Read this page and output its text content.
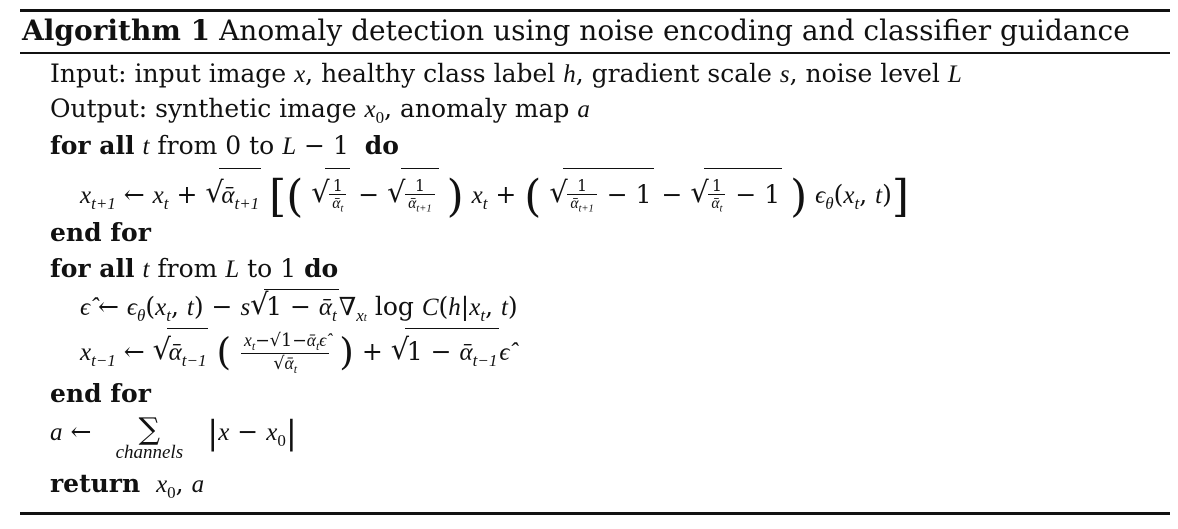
Algorithm 1 Anomaly detection using noise encoding and classifier guidance
Input: input image x, healthy class label h, gradient scale s, noise level L
Output: synthetic image $x_0$, anomaly map a
for all t from 0 to L − 1  do
$x_{t+1}$ ← $x_t$ + √ ᾱ$_{t+1}$ [( √ $\frac{1}{ᾱ_t}$ − √ $\frac{1}{ᾱ_{t+1}}$ ) $x_t$ + ( √ $\frac{1}{ᾱ_{t+1}} - 1$ − √ $\frac{1}{ᾱ_t} - 1$ ) $\epsilon_\theta(x_t$, t)]
end for
for all t from L to 1 do
ϵ̂ ← $\epsilon_\theta(x_t$, t) − s √ $1 - ᾱ_t\nabla_{xt}$ $\log C(h|x_t$, t)
$x_{t-1}$ ← √ ᾱ$_{t-1}$ ( $\frac{x_t-√1-ᾱ_t\epsilon̂}{√ᾱ_t}$ ) + √ 1 − ᾱ$_{t-1}$ϵ̂
end for
a ←	∑
channels
$|x - x_0|$
return $x_0$, a
